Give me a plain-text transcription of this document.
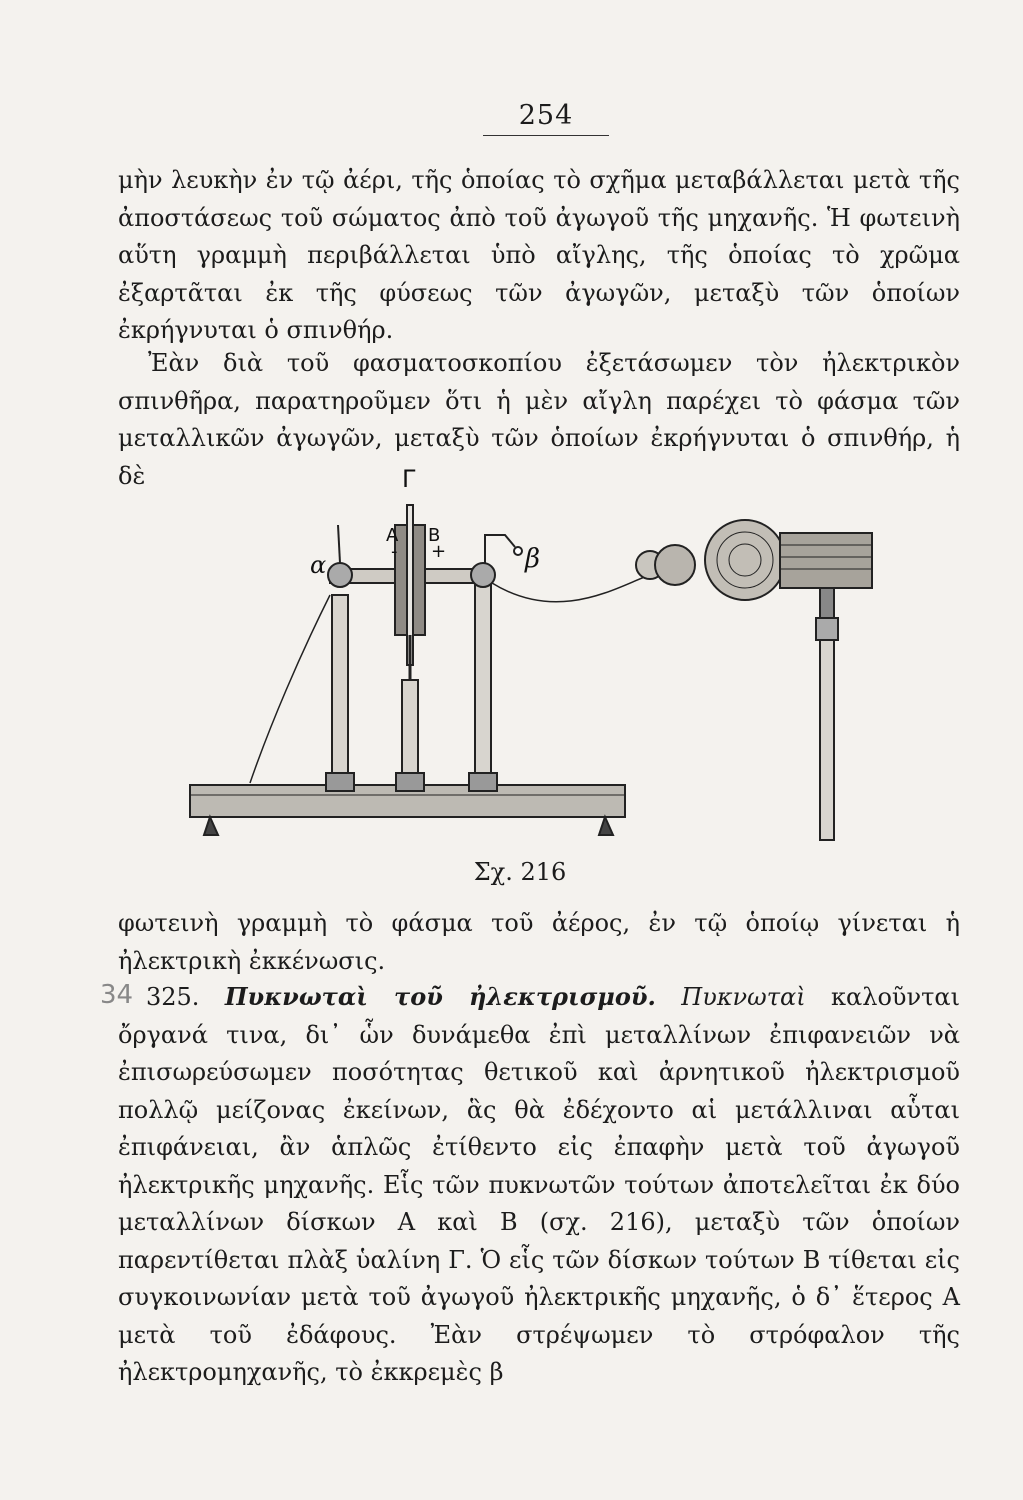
254

μὴν λευκὴν ἐν τῷ ἀέρι, τῆς ὁποίας τὸ σχῆμα μεταβάλλεται μετὰ τῆς ἀποστάσεως τοῦ σώματος ἀπὸ τοῦ ἀγωγοῦ τῆς μηχανῆς. Ἡ φωτεινὴ αὕτη γραμμὴ περιβάλλεται ὑπὸ αἴγλης, τῆς ὁποίας τὸ χρῶμα ἐξαρτᾶται ἐκ τῆς φύσεως τῶν ἀγωγῶν, μεταξὺ τῶν ὁποίων ἐκρήγνυται ὁ σπινθήρ.

Ἐὰν διὰ τοῦ φασματοσκοπίου ἐξετάσωμεν τὸν ἠλεκτρικὸν σπινθῆρα, παρατηροῦμεν ὅτι ἡ μὲν αἴγλη παρέχει τὸ φάσμα τῶν μεταλλικῶν ἀγωγῶν, μεταξὺ τῶν ὁποίων ἐκρήγνυται ὁ σπινθήρ, ἡ δὲ	Γ
A B
- +
α	β
Σχ. 216

φωτεινὴ γραμμὴ τὸ φάσμα τοῦ ἀέρος, ἐν τῷ ὁποίῳ γίνεται ἡ ἠλεκτρικὴ ἐκκένωσις.

34 325. Πυκνωταὶ τοῦ ἠλεκτρισμοῦ. Πυκνωταὶ καλοῦνται ὄργανά τινα, δι᾿ ὧν δυνάμεθα ἐπὶ μεταλλίνων ἐπιφανειῶν νὰ ἐπισωρεύσωμεν ποσότητας θετικοῦ καὶ ἀρνητικοῦ ἠλεκτρισμοῦ πολλῷ μείζονας ἐκείνων, ἃς θὰ ἐδέχοντο αἱ μετάλλιναι αὗται ἐπιφάνειαι, ἂν ἁπλῶς ἐτίθεντο εἰς ἐπαφὴν μετὰ τοῦ ἀγωγοῦ ἠλεκτρικῆς μηχανῆς. Εἷς τῶν πυκνωτῶν τούτων ἀποτελεῖται ἐκ δύο μεταλλίνων δίσκων Α καὶ Β (σχ. 216), μεταξὺ τῶν ὁποίων παρεντίθεται πλὰξ ὑαλίνη Γ. Ὁ εἷς τῶν δίσκων τούτων Β τίθεται εἰς συγκοινωνίαν μετὰ τοῦ ἀγωγοῦ ἠλεκτρικῆς μηχανῆς, ὁ δ᾿ ἕτερος Α μετὰ τοῦ ἐδάφους. Ἐὰν στρέψωμεν τὸ στρόφαλον τῆς ἠλεκτρομηχανῆς, τὸ ἐκκρεμὲς β
